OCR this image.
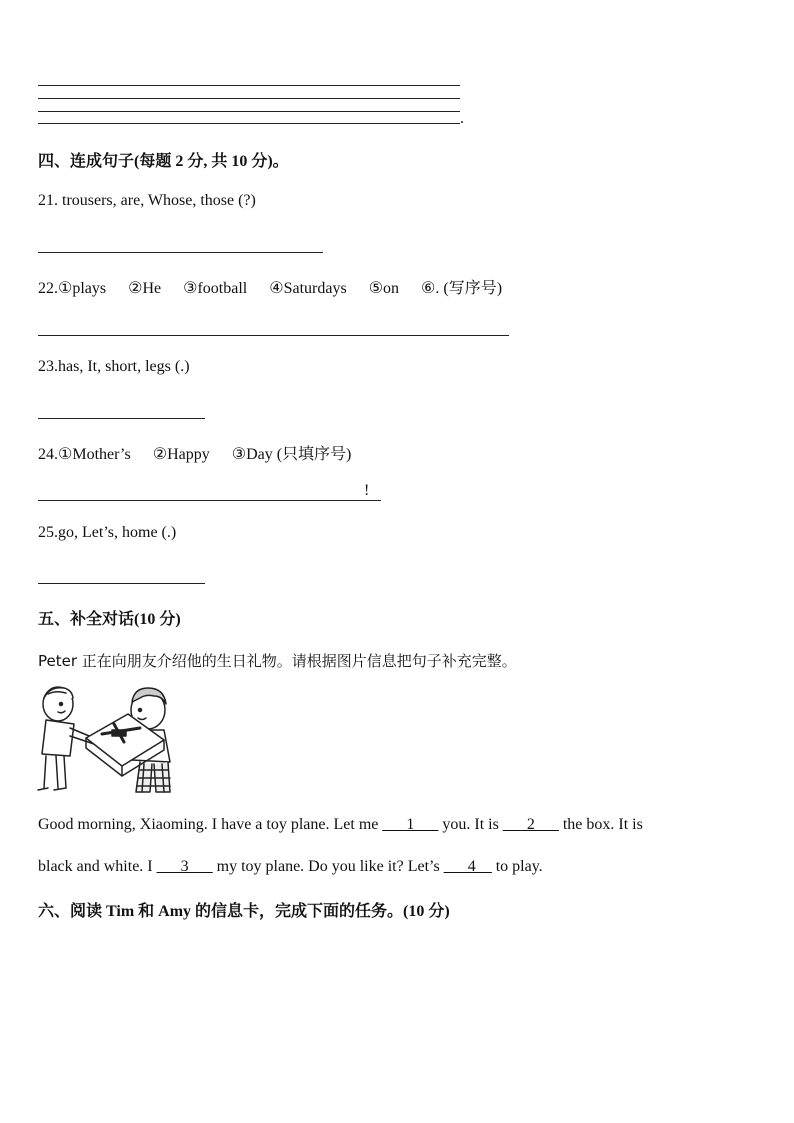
.
四、连成句子(每题 2 分, 共 10 分)。
21. trousers, are, Whose, those (?)
22.①plays ②He ③football ④Saturdays ⑤on ⑥. (写序号)
23.has, It, short, legs (.)
24.①Mother’s ②Happy ③Day (只填序号)
!
25.go, Let’s, home (.)
五、补全对话(10 分)
Peter 正在向朋友介绍他的生日礼物。请根据图片信息把句子补充完整。
Good morning, Xiaoming. I have a toy plane. Let me ___1___ you. It is ___2___ the box. It is
black and white. I ___3___ my toy plane. Do you like it? Let’s ___4__ to play.
六、阅读 Tim 和 Amy 的信息卡，完成下面的任务。(10 分)
